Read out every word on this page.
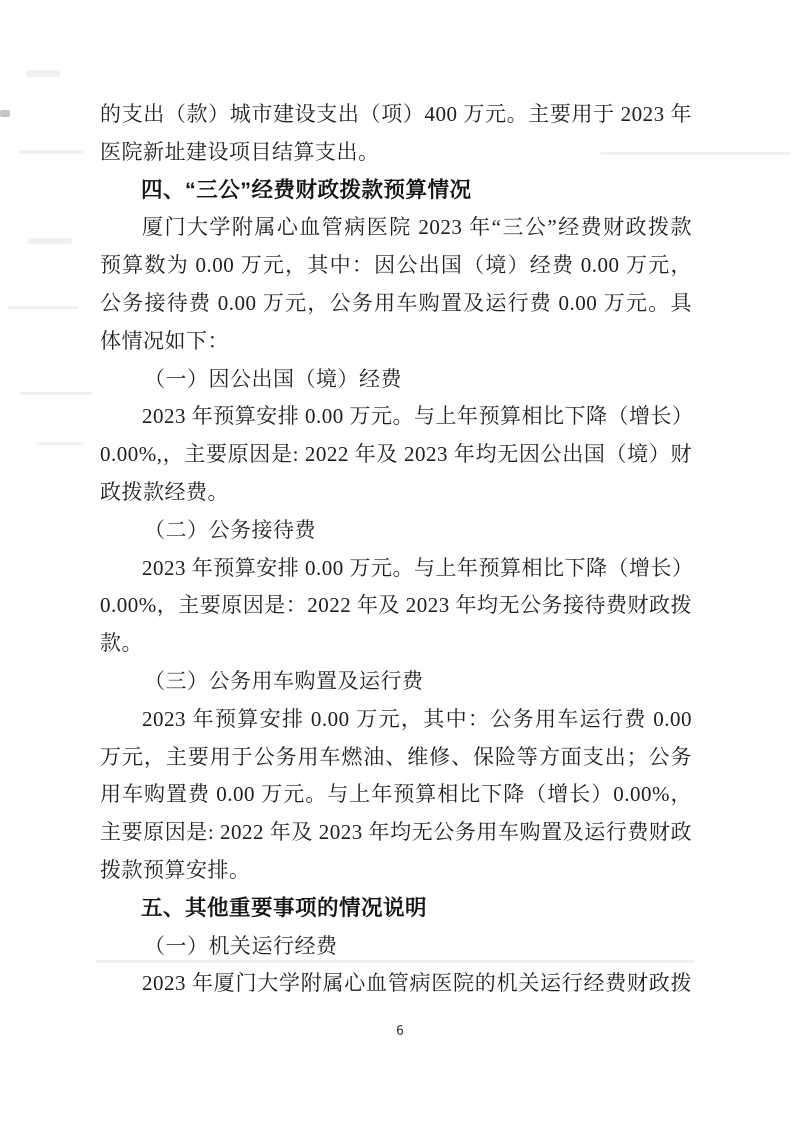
的支出（款）城市建设支出（项）400 万元。主要用于 2023 年

医院新址建设项目结算支出。

四、“三公”经费财政拨款预算情况

厦门大学附属心血管病医院 2023 年“三公”经费财政拨款

预算数为 0.00 万元，其中：因公出国（境）经费 0.00 万元，

公务接待费 0.00 万元，公务用车购置及运行费 0.00 万元。具

体情况如下：

（一）因公出国（境）经费

2023 年预算安排 0.00 万元。与上年预算相比下降（增长）

0.00%,，主要原因是: 2022 年及 2023 年均无因公出国（境）财

政拨款经费。

（二）公务接待费

2023 年预算安排 0.00 万元。与上年预算相比下降（增长）

0.00%，主要原因是：2022 年及 2023 年均无公务接待费财政拨

款。

（三）公务用车购置及运行费

2023 年预算安排 0.00 万元，其中：公务用车运行费 0.00

万元，主要用于公务用车燃油、维修、保险等方面支出；公务

用车购置费 0.00 万元。与上年预算相比下降（增长）0.00%，

主要原因是: 2022 年及 2023 年均无公务用车购置及运行费财政

拨款预算安排。

五、其他重要事项的情况说明

（一）机关运行经费

2023 年厦门大学附属心血管病医院的机关运行经费财政拨

6
